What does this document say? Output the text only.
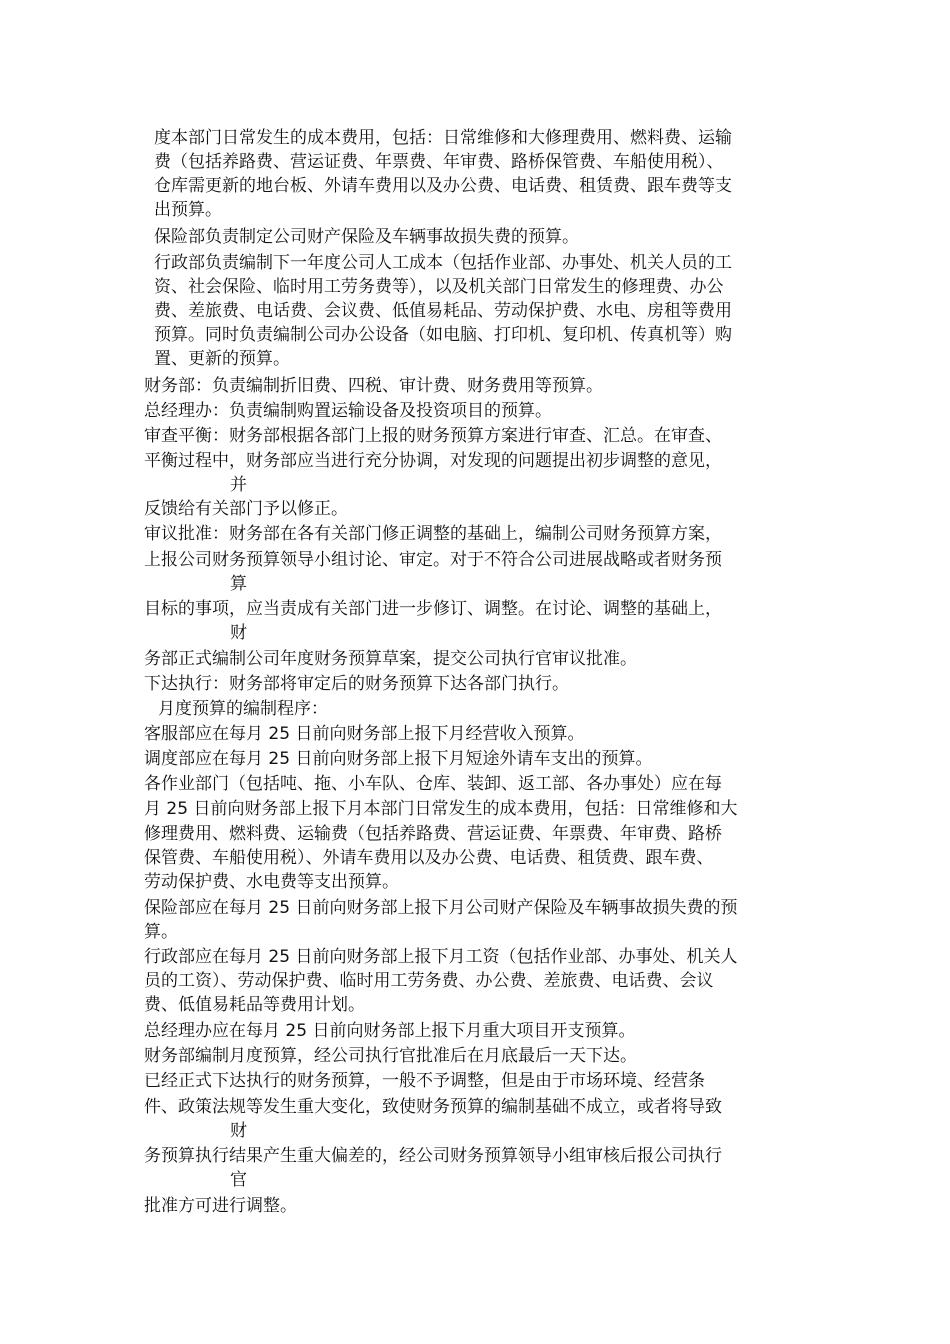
度本部门日常发生的成本费用，包括：日常维修和大修理费用、燃料费、运输
费（包括养路费、营运证费、年票费、年审费、路桥保管费、车船使用税）、
仓库需更新的地台板、外请车费用以及办公费、电话费、租赁费、跟车费等支
出预算。
保险部负责制定公司财产保险及车辆事故损失费的预算。
行政部负责编制下一年度公司人工成本（包括作业部、办事处、机关人员的工
资、社会保险、临时用工劳务费等），以及机关部门日常发生的修理费、办公
费、差旅费、电话费、会议费、低值易耗品、劳动保护费、水电、房租等费用
预算。同时负责编制公司办公设备（如电脑、打印机、复印机、传真机等）购
置、更新的预算。
财务部：负责编制折旧费、四税、审计费、财务费用等预算。
总经理办：负责编制购置运输设备及投资项目的预算。
审查平衡：财务部根据各部门上报的财务预算方案进行审查、汇总。在审查、
平衡过程中，财务部应当进行充分协调，对发现的问题提出初步调整的意见，
并
反馈给有关部门予以修正。
审议批准：财务部在各有关部门修正调整的基础上，编制公司财务预算方案，
上报公司财务预算领导小组讨论、审定。对于不符合公司进展战略或者财务预
算
目标的事项，应当责成有关部门进一步修订、调整。在讨论、调整的基础上，
财
务部正式编制公司年度财务预算草案，提交公司执行官审议批准。
下达执行：财务部将审定后的财务预算下达各部门执行。
月度预算的编制程序：
客服部应在每月 25 日前向财务部上报下月经营收入预算。
调度部应在每月 25 日前向财务部上报下月短途外请车支出的预算。
各作业部门（包括吨、拖、小车队、仓库、装卸、返工部、各办事处）应在每
月 25 日前向财务部上报下月本部门日常发生的成本费用，包括：日常维修和大
修理费用、燃料费、运输费（包括养路费、营运证费、年票费、年审费、路桥
保管费、车船使用税）、外请车费用以及办公费、电话费、租赁费、跟车费、
劳动保护费、水电费等支出预算。
保险部应在每月 25 日前向财务部上报下月公司财产保险及车辆事故损失费的预
算。
行政部应在每月 25 日前向财务部上报下月工资（包括作业部、办事处、机关人
员的工资）、劳动保护费、临时用工劳务费、办公费、差旅费、电话费、会议
费、低值易耗品等费用计划。
总经理办应在每月 25 日前向财务部上报下月重大项目开支预算。
财务部编制月度预算，经公司执行官批准后在月底最后一天下达。
已经正式下达执行的财务预算，一般不予调整，但是由于市场环境、经营条
件、政策法规等发生重大变化，致使财务预算的编制基础不成立，或者将导致
财
务预算执行结果产生重大偏差的，经公司财务预算领导小组审核后报公司执行
官
批准方可进行调整。
